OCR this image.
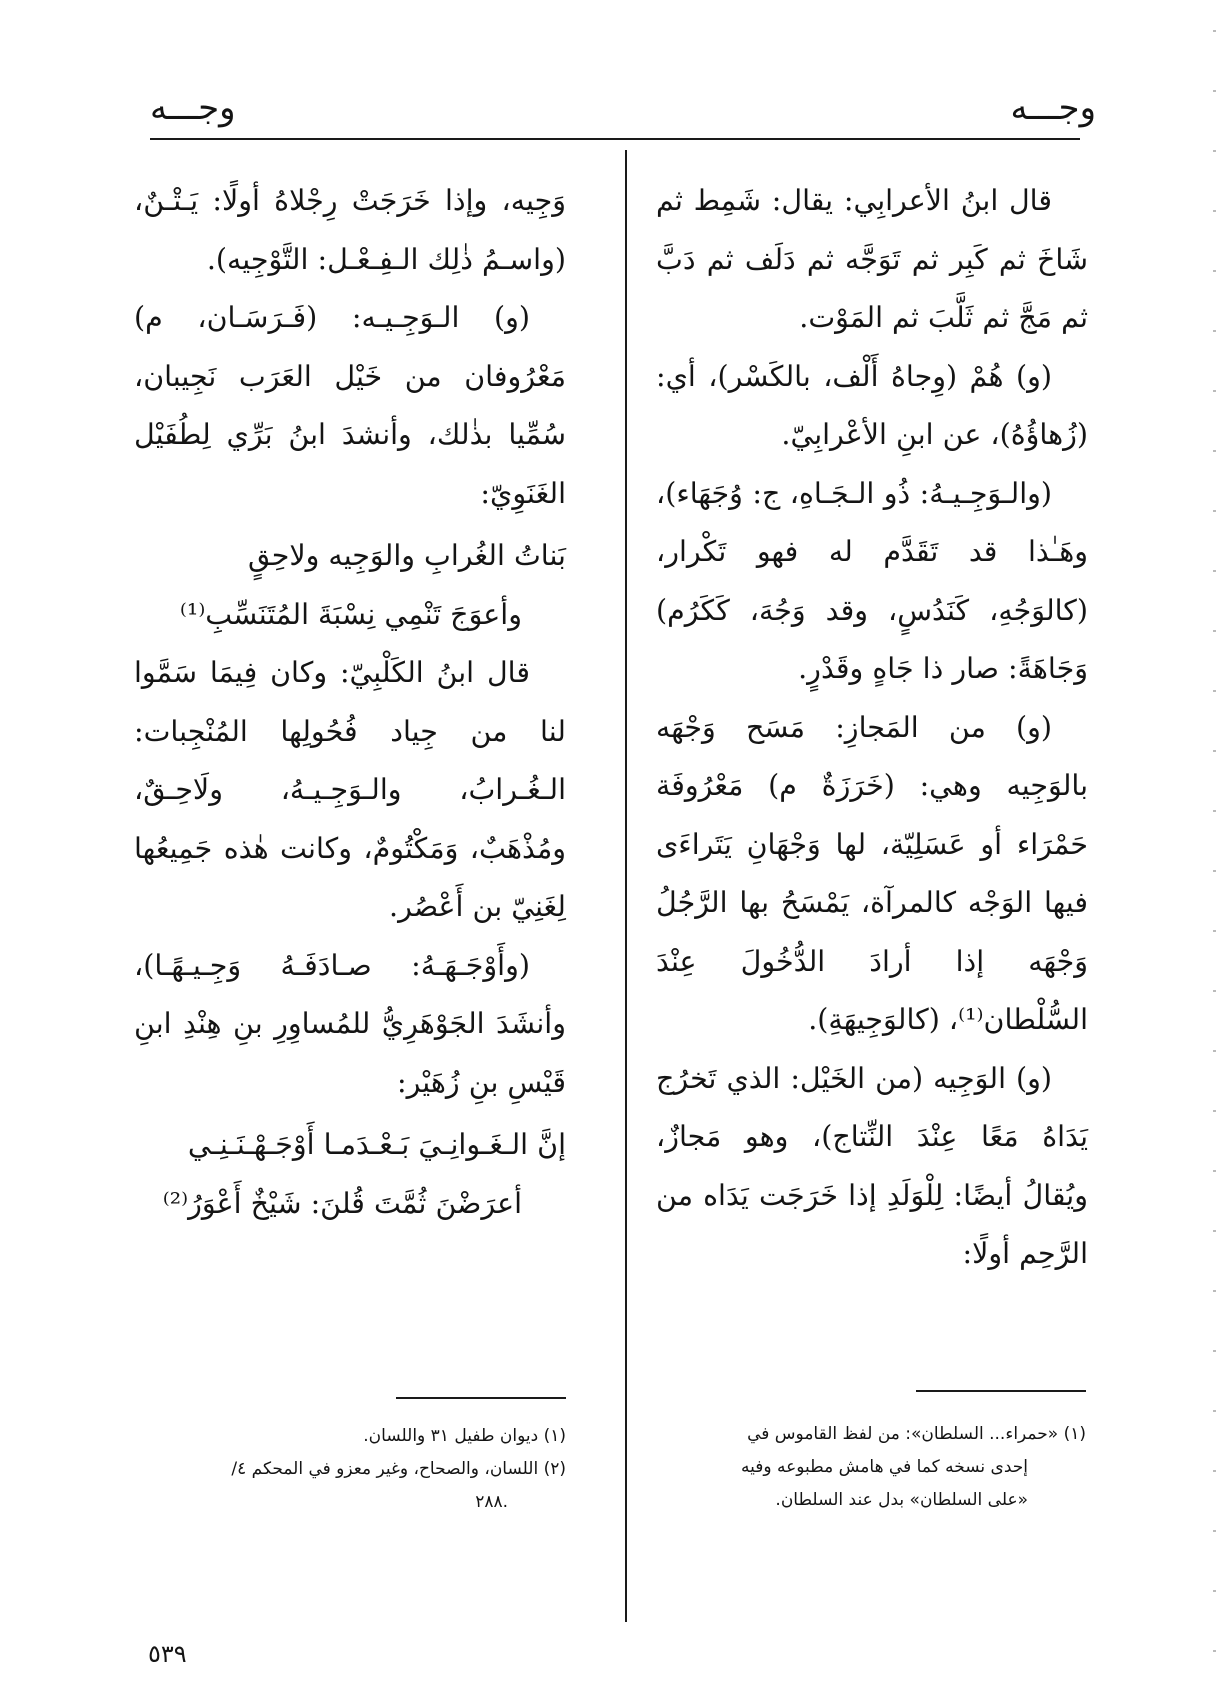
وجـــه
وجـــه

قال ابنُ الأعرابِي: يقال: شَمِط ثم شَاخَ ثم كَبِر ثم تَوَجَّه ثم دَلَف ثم دَبَّ ثم مَجَّ ثم ثَلَّبَ ثم المَوْت.

(و) هُمْ (وِجاهُ أَلْف، بالكَسْر)، أي: (زُهاؤُهُ)، عن ابنِ الأعْرابِيّ.

(والـوَجِـيـهُ: ذُو الـجَـاهِ، ج: وُجَهَاء)، وهَـٰذا قد تَقَدَّم له فهو تَكْرار، (كالوَجُهِ، كَنَدُسٍ، وقد وَجُهَ، كَكَرُم) وَجَاهَةً: صار ذا جَاهٍ وقَدْرٍ.

(و) من المَجازِ: مَسَح وَجْهَه بالوَجِيه وهي: (خَرَزَةٌ م) مَعْرُوفَة حَمْرَاء أو عَسَلِيّة، لها وَجْهَانِ يَتَراءَى فيها الوَجْه كالمرآة، يَمْسَحُ بها الرَّجُلُ وَجْهَه إذا أرادَ الدُّخُولَ عِنْدَ السُّلْطان⁽¹⁾، (كالوَجِيهَةِ).

(و) الوَجِيه (من الخَيْل: الذي تَخرُج يَدَاهُ مَعًا عِنْدَ النِّتاج)، وهو مَجازٌ، ويُقالُ أيضًا: لِلْوَلَدِ إذا خَرَجَت يَدَاه من الرَّحِم أولًا:

وَجِيه، وإذا خَرَجَتْ رِجْلاهُ أولًا: يَـتْـنٌ، (واسـمُ ذٰلِك الـفِـعْـل: التَّوْجِيه).

(و) الـوَجِـيـه: (فَـرَسَـان، م) مَعْرُوفان من خَيْل العَرَب نَجِيبان، سُمِّيا بذٰلك، وأنشدَ ابنُ بَرِّي لِطُفَيْل الغَنَوِيّ:

بَناتُ الغُرابِ والوَجِيه ولاحِقٍ

وأعوَجَ تَنْمِي نِسْبَةَ المُتَنَسِّبِ⁽¹⁾

قال ابنُ الكَلْبِيّ: وكان فِيمَا سَمَّوا لنا من جِياد فُحُولِها المُنْجِبات: الـغُـرابُ، والـوَجِـيـهُ، ولَاحِـقٌ، ومُذْهَبٌ، وَمَكْتُومٌ، وكانت هٰذه جَمِيعُها لِغَنِيّ بن أَعْصُر.

(وأَوْجَـهَـهُ: صـادَفَـهُ وَجِـيـهًـا)، وأنشَدَ الجَوْهَرِيُّ للمُساوِرِ بنِ هِنْدِ ابنِ قَيْسِ بنِ زُهَيْر:

إنَّ الـغَـوانِـيَ بَـعْـدَمـا أَوْجَـهْـنَـنِـي

أعرَضْنَ ثُمَّتَ قُلنَ: شَيْخٌ أَعْوَرُ⁽²⁾

(١) «حمراء... السلطان»: من لفظ القاموس في

إحدى نسخه كما في هامش مطبوعه وفيه

«على السلطان» بدل عند السلطان.

(١) ديوان طفيل ٣١ واللسان.

(٢) اللسان، والصحاح، وغير معزو في المحكم ٤/

.٢٨٨

٥٣٩
